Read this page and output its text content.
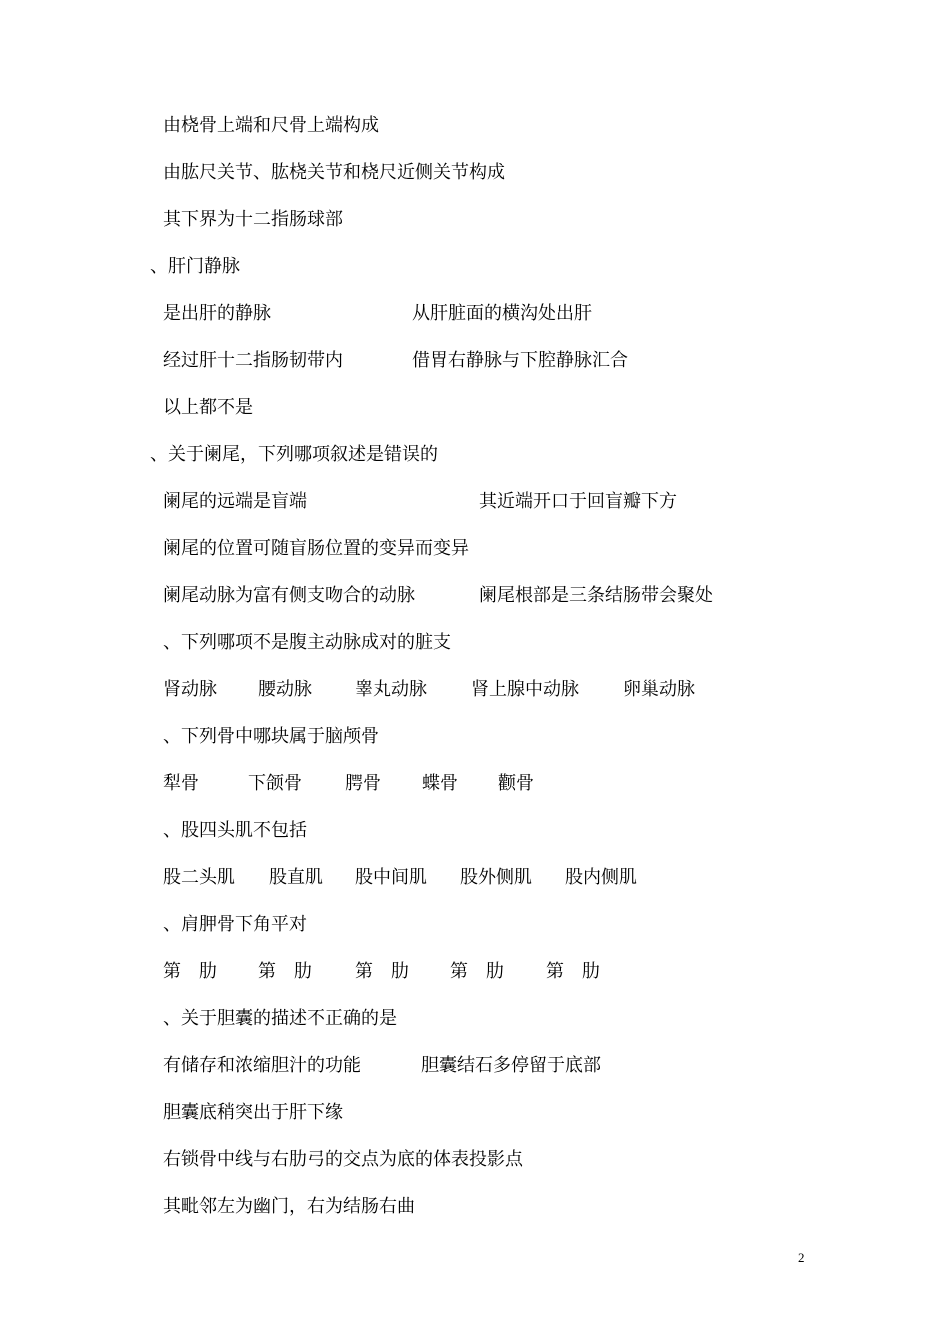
由桡骨上端和尺骨上端构成
由肱尺关节、肱桡关节和桡尺近侧关节构成
其下界为十二指肠球部
、肝门静脉
是出肝的静脉	从肝脏面的横沟处出肝
经过肝十二指肠韧带内	借胃右静脉与下腔静脉汇合
以上都不是
、关于阑尾，下列哪项叙述是错误的
阑尾的远端是盲端	其近端开口于回盲瓣下方
阑尾的位置可随盲肠位置的变异而变异
阑尾动脉为富有侧支吻合的动脉	阑尾根部是三条结肠带会聚处
、下列哪项不是腹主动脉成对的脏支
肾动脉 腰动脉 睾丸动脉 肾上腺中动脉 卵巢动脉
、下列骨中哪块属于脑颅骨
犁骨	下颌骨 腭骨 蝶骨 颧骨
、股四头肌不包括
股二头肌 股直肌 股中间肌 股外侧肌 股内侧肌
、肩胛骨下角平对
第　肋 第　肋 第　肋 第　肋 第　肋
、关于胆囊的描述不正确的是
有储存和浓缩胆汁的功能	胆囊结石多停留于底部
胆囊底稍突出于肝下缘
右锁骨中线与右肋弓的交点为底的体表投影点
其毗邻左为幽门，右为结肠右曲
2
